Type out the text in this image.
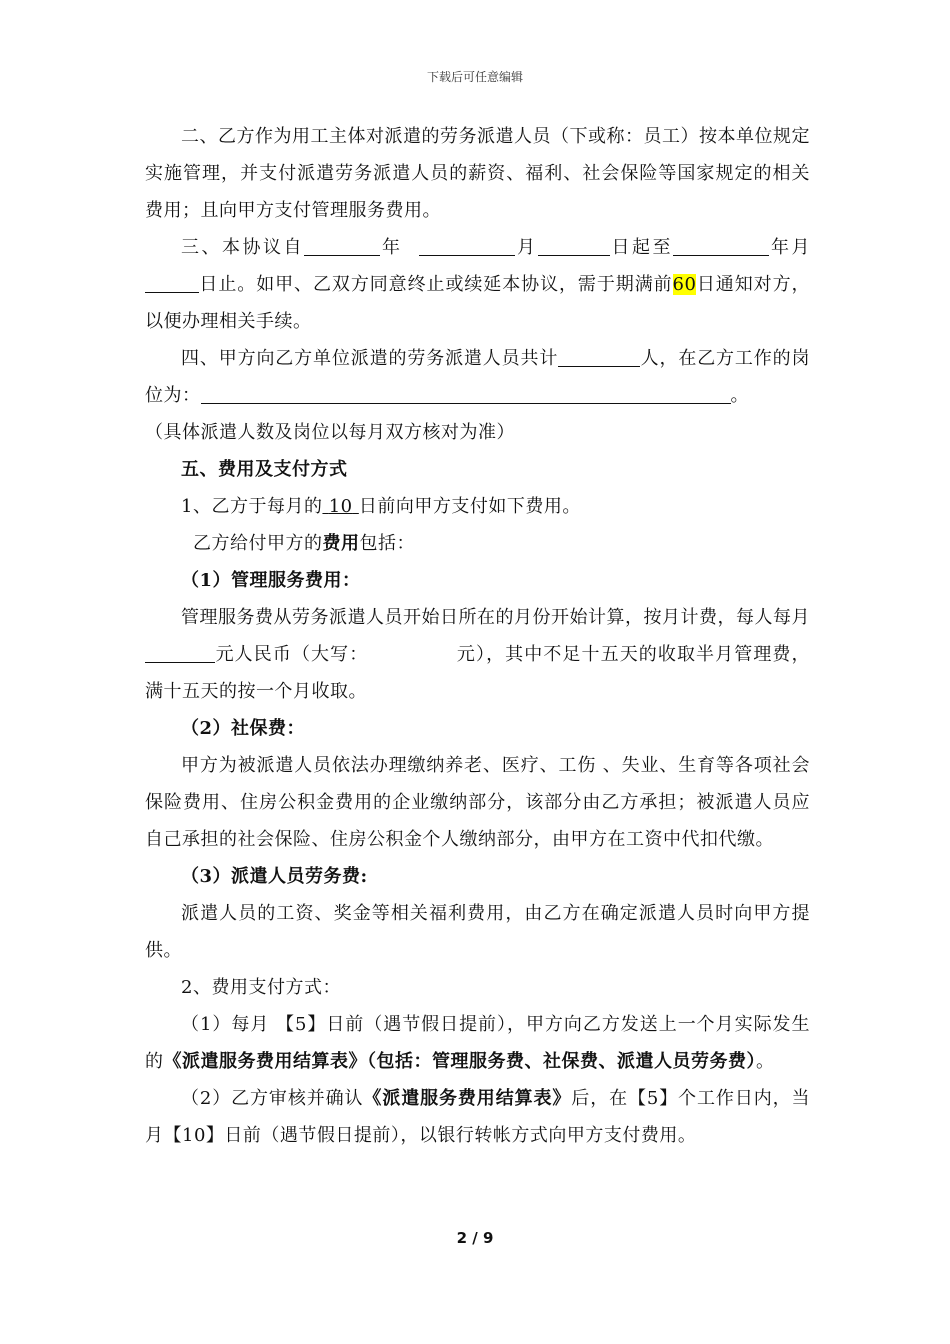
下载后可任意编辑

二、乙方作为用工主体对派遣的劳务派遣人员（下或称：员工）按本单位规定实施管理，并支付派遣劳务派遣人员的薪资、福利、社会保险等国家规定的相关费用；且向甲方支付管理服务费用。

三、本协议自	年	月	日起至	年月日止。如甲、乙双方同意终止或续延本协议，需于期满前60日通知对方，以便办理相关手续。

四、甲方向乙方单位派遣的劳务派遣人员共计	人，在乙方工作的岗位为：	。

（具体派遣人数及岗位以每月双方核对为准）

五、费用及支付方式

1、乙方于每月的 10 日前向甲方支付如下费用。

乙方给付甲方的费用包括：

（1）管理服务费用：

管理服务费从劳务派遣人员开始日所在的月份开始计算，按月计费，每人每月元人民币（大写：	元），其中不足十五天的收取半月管理费，满十五天的按一个月收取。

（2）社保费：

甲方为被派遣人员依法办理缴纳养老、医疗、工伤 、失业、生育等各项社会保险费用、住房公积金费用的企业缴纳部分，该部分由乙方承担；被派遣人员应自己承担的社会保险、住房公积金个人缴纳部分，由甲方在工资中代扣代缴。

（3）派遣人员劳务费:

派遣人员的工资、奖金等相关福利费用，由乙方在确定派遣人员时向甲方提供。

2、费用支付方式：

（1）每月 【5】日前（遇节假日提前），甲方向乙方发送上一个月实际发生的《派遣服务费用结算表》（包括：管理服务费、社保费、派遣人员劳务费）。

（2）乙方审核并确认《派遣服务费用结算表》后，在【5】个工作日内，当月【10】日前（遇节假日提前），以银行转帐方式向甲方支付费用。

2 / 9
